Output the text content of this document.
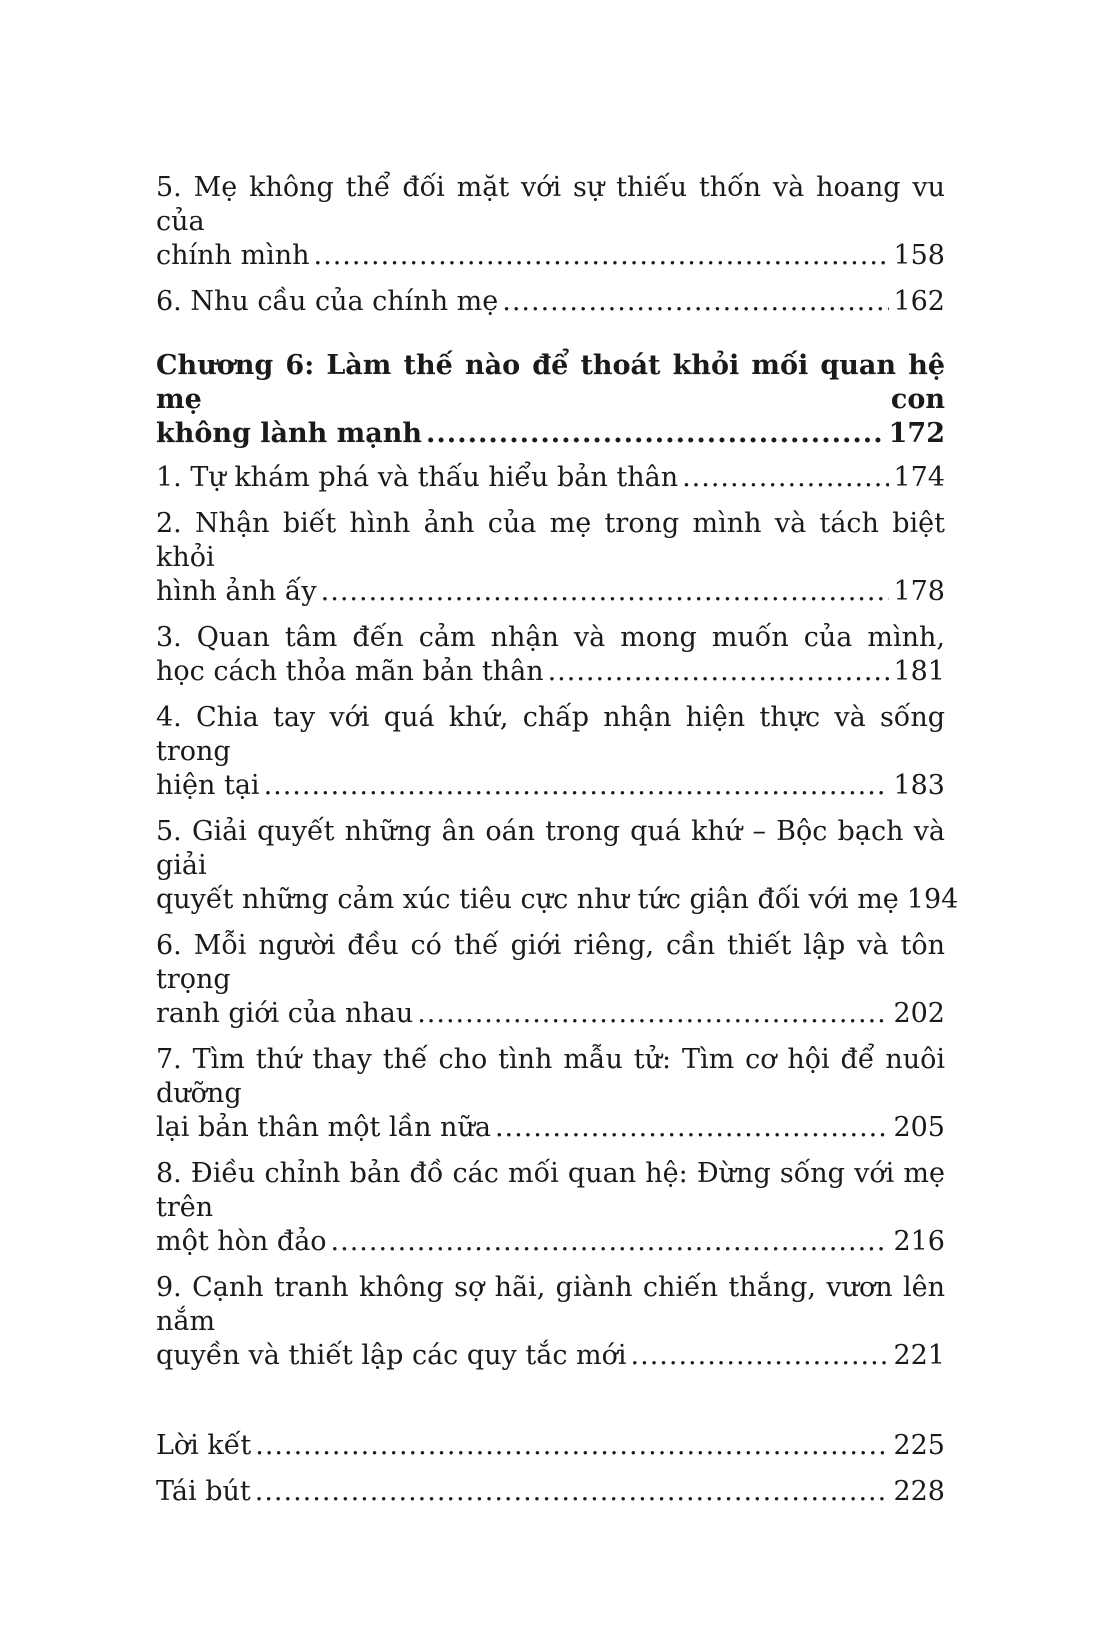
5. Mẹ không thể đối mặt với sự thiếu thốn và hoang vu của
chính mình .....	158
6. Nhu cầu của chính mẹ .....	162
Chương 6: Làm thế nào để thoát khỏi mối quan hệ mẹ con
không lành mạnh .....	172
1. Tự khám phá và thấu hiểu bản thân .....	174
2. Nhận biết hình ảnh của mẹ trong mình và tách biệt khỏi
hình ảnh ấy .....	178
3. Quan tâm đến cảm nhận và mong muốn của mình,
học cách thỏa mãn bản thân .....	181
4. Chia tay với quá khứ, chấp nhận hiện thực và sống trong
hiện tại .....	183
5. Giải quyết những ân oán trong quá khứ – Bộc bạch và giải
quyết những cảm xúc tiêu cực như tức giận đối với mẹ 194
6. Mỗi người đều có thế giới riêng, cần thiết lập và tôn trọng
ranh giới của nhau .....	202
7. Tìm thứ thay thế cho tình mẫu tử: Tìm cơ hội để nuôi dưỡng
lại bản thân một lần nữa .....	205
8. Điều chỉnh bản đồ các mối quan hệ: Đừng sống với mẹ trên
một hòn đảo .....	216
9. Cạnh tranh không sợ hãi, giành chiến thắng, vươn lên nắm
quyền và thiết lập các quy tắc mới .....	221
Lời kết .....	225
Tái bút .....	228
